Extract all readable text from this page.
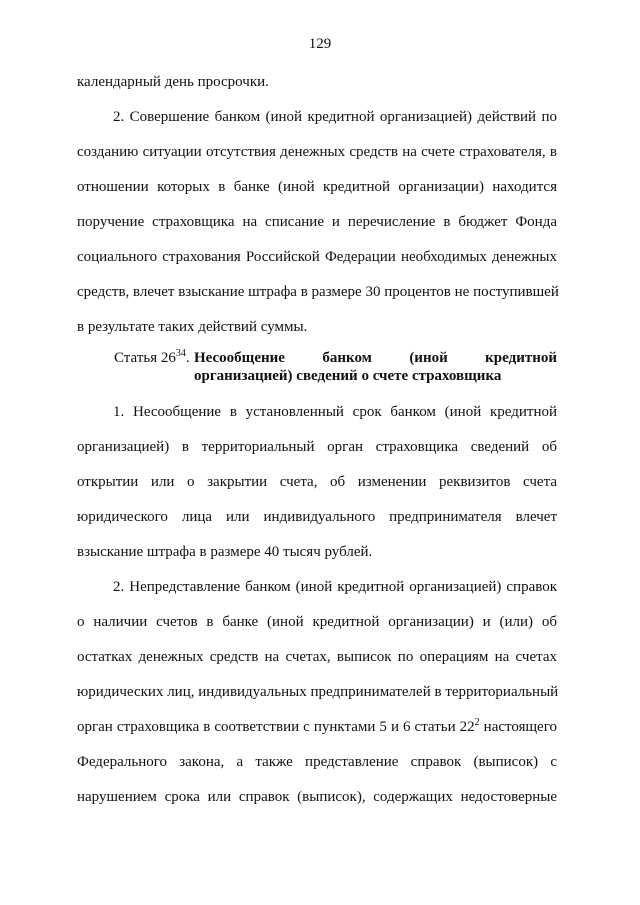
129
календарный день просрочки.
2. Совершение банком (иной кредитной организацией) действий по
созданию ситуации отсутствия денежных средств на счете страхователя, в
отношении которых в банке (иной кредитной организации) находится
поручение страховщика на списание и перечисление в бюджет Фонда
социального страхования Российской Федерации необходимых денежных
средств, влечет взыскание штрафа в размере 30 процентов не поступившей
в результате таких действий суммы.
Статья $26^{34}$. Несообщение банком (иной кредитной
организацией) сведений о счете страховщика
1. Несообщение в установленный срок банком (иной кредитной
организацией) в территориальный орган страховщика сведений об
открытии или о закрытии счета, об изменении реквизитов счета
юридического лица или индивидуального предпринимателя влечет
взыскание штрафа в размере 40 тысяч рублей.
2. Непредставление банком (иной кредитной организацией) справок
о наличии счетов в банке (иной кредитной организации) и (или) об
остатках денежных средств на счетах, выписок по операциям на счетах
юридических лиц, индивидуальных предпринимателей в территориальный
орган страховщика в соответствии с пунктами 5 и 6 статьи $22^2$ настоящего
Федерального закона, а также представление справок (выписок) с
нарушением срока или справок (выписок), содержащих недостоверные
